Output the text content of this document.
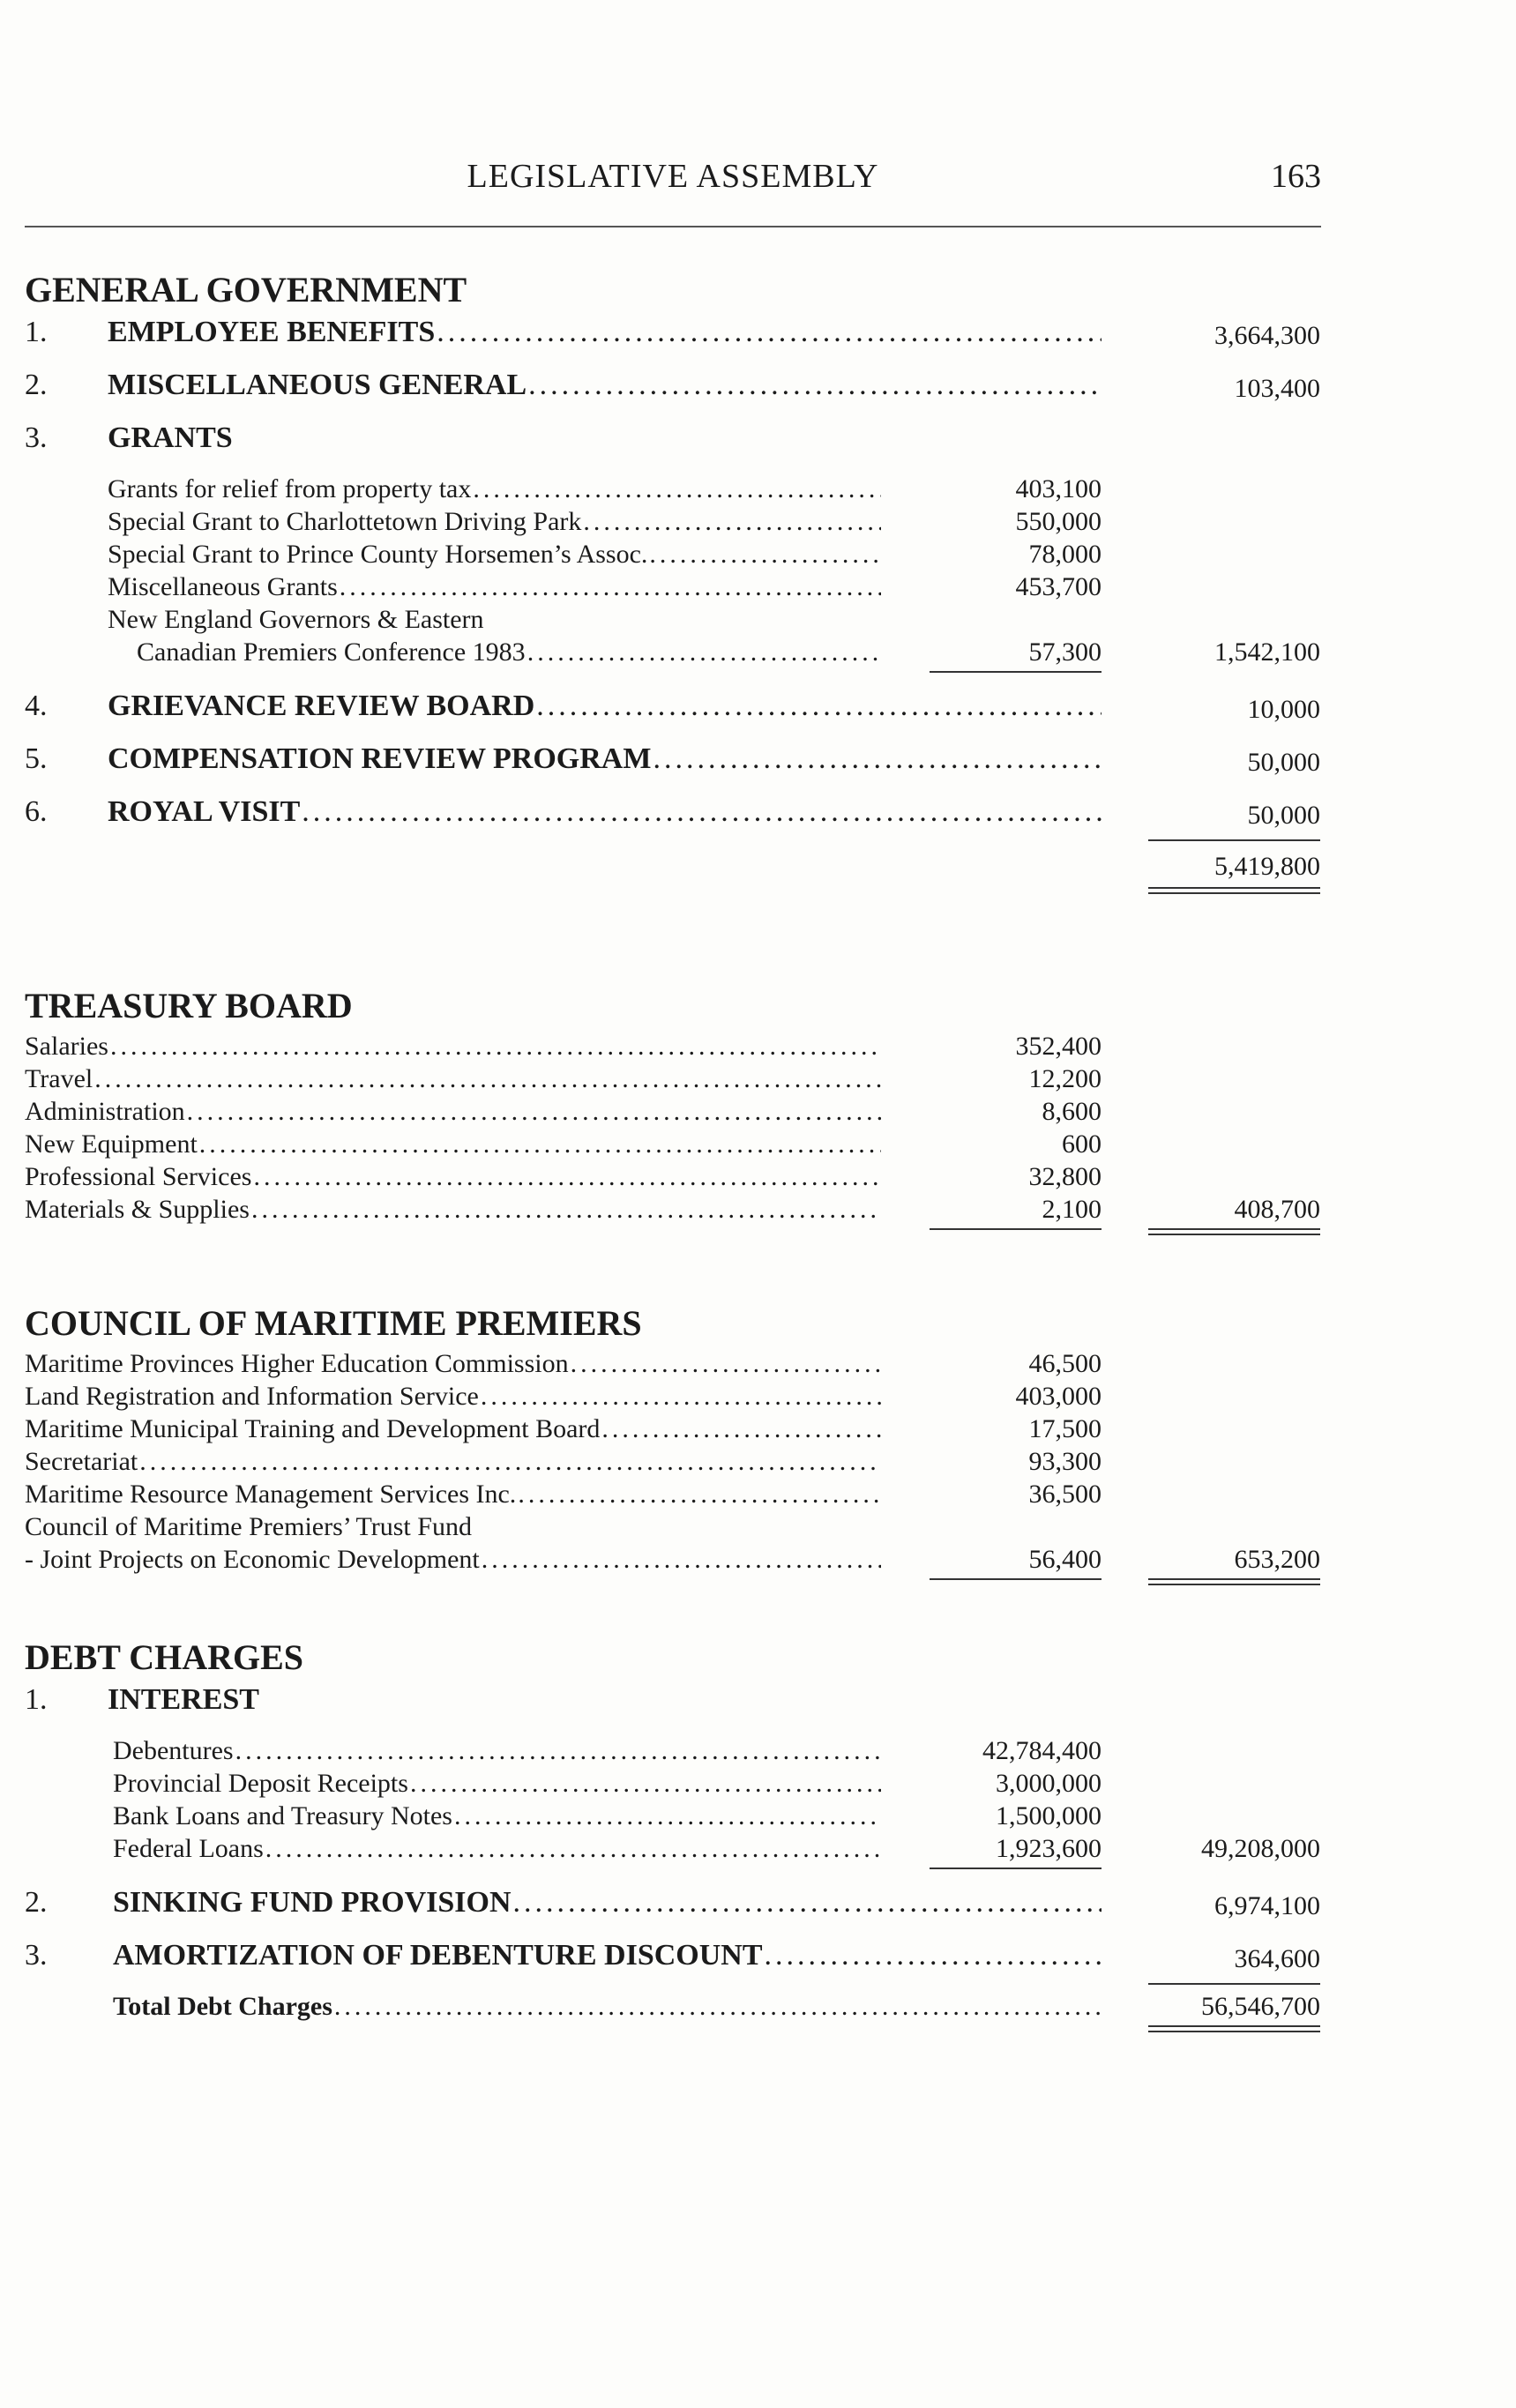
LEGISLATIVE ASSEMBLY	163
GENERAL GOVERNMENT
1. EMPLOYEE BENEFITS .....	3,664,300
2. MISCELLANEOUS GENERAL .....	103,400
3. GRANTS
Grants for relief from property tax .....	403,100
Special Grant to Charlottetown Driving Park .....	550,000
Special Grant to Prince County Horsemen’s Assoc. .....	78,000
Miscellaneous Grants .....	453,700
New England Governors & Eastern
Canadian Premiers Conference 1983 .....	57,300	1,542,100
4. GRIEVANCE REVIEW BOARD .....	10,000
5. COMPENSATION REVIEW PROGRAM .....	50,000
6. ROYAL VISIT .....	50,000
5,419,800
TREASURY BOARD
Salaries .....	352,400
Travel .....	12,200
Administration .....	8,600
New Equipment .....	600
Professional Services .....	32,800
Materials & Supplies .....	2,100	408,700
COUNCIL OF MARITIME PREMIERS
Maritime Provinces Higher Education Commission .....	46,500
Land Registration and Information Service .....	403,000
Maritime Municipal Training and Development Board .....	17,500
Secretariat .....	93,300
Maritime Resource Management Services Inc. .....	36,500
Council of Maritime Premiers’ Trust Fund
- Joint Projects on Economic Development .....	56,400	653,200
DEBT CHARGES
1. INTEREST
Debentures .....	42,784,400
Provincial Deposit Receipts .....	3,000,000
Bank Loans and Treasury Notes .....	1,500,000
Federal Loans .....	1,923,600	49,208,000
2. SINKING FUND PROVISION .....	6,974,100
3. AMORTIZATION OF DEBENTURE DISCOUNT .....	364,600
Total Debt Charges .....	56,546,700
